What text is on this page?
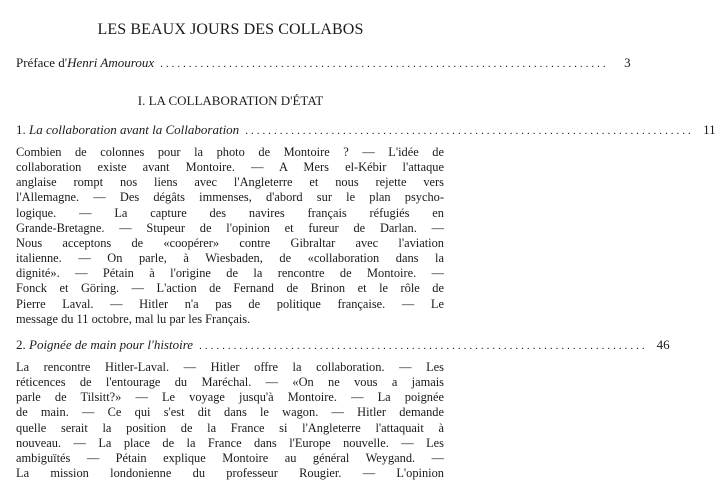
LES BEAUX JOURS DES COLLABOS
Préface d'Henri Amouroux ..............................................................................	3
I. LA COLLABORATION D'ÉTAT
1. La collaboration avant la Collaboration .............................................................................. 11
Combien de colonnes pour la photo de Montoire ? — L'idée de
collaboration existe avant Montoire. — A Mers el-Kébir l'attaque
anglaise rompt nos liens avec l'Angleterre et nous rejette vers
l'Allemagne. — Des dégâts immenses, d'abord sur le plan psycho-
logique. — La capture des navires français réfugiés en
Grande-Bretagne. — Stupeur de l'opinion et fureur de Darlan. —
Nous acceptons de «coopérer» contre Gibraltar avec l'aviation
italienne. — On parle, à Wiesbaden, de «collaboration dans la
dignité». — Pétain à l'origine de la rencontre de Montoire. —
Fonck et Göring. — L'action de Fernand de Brinon et le rôle de
Pierre Laval. — Hitler n'a pas de politique française. — Le
message du 11 octobre, mal lu par les Français.
2. Poignée de main pour l'histoire .............................................................................. 46
La rencontre Hitler-Laval. — Hitler offre la collaboration. — Les
réticences de l'entourage du Maréchal. — «On ne vous a jamais
parle de Tilsitt?» — Le voyage jusqu'à Montoire. — La poignée
de main. — Ce qui s'est dit dans le wagon. — Hitler demande
quelle serait la position de la France si l'Angleterre l'attaquait à
nouveau. — La place de la France dans l'Europe nouvelle. — Les
ambiguïtés — Pétain explique Montoire au général Weygand. —
La mission londonienne du professeur Rougier. — L'opinion
